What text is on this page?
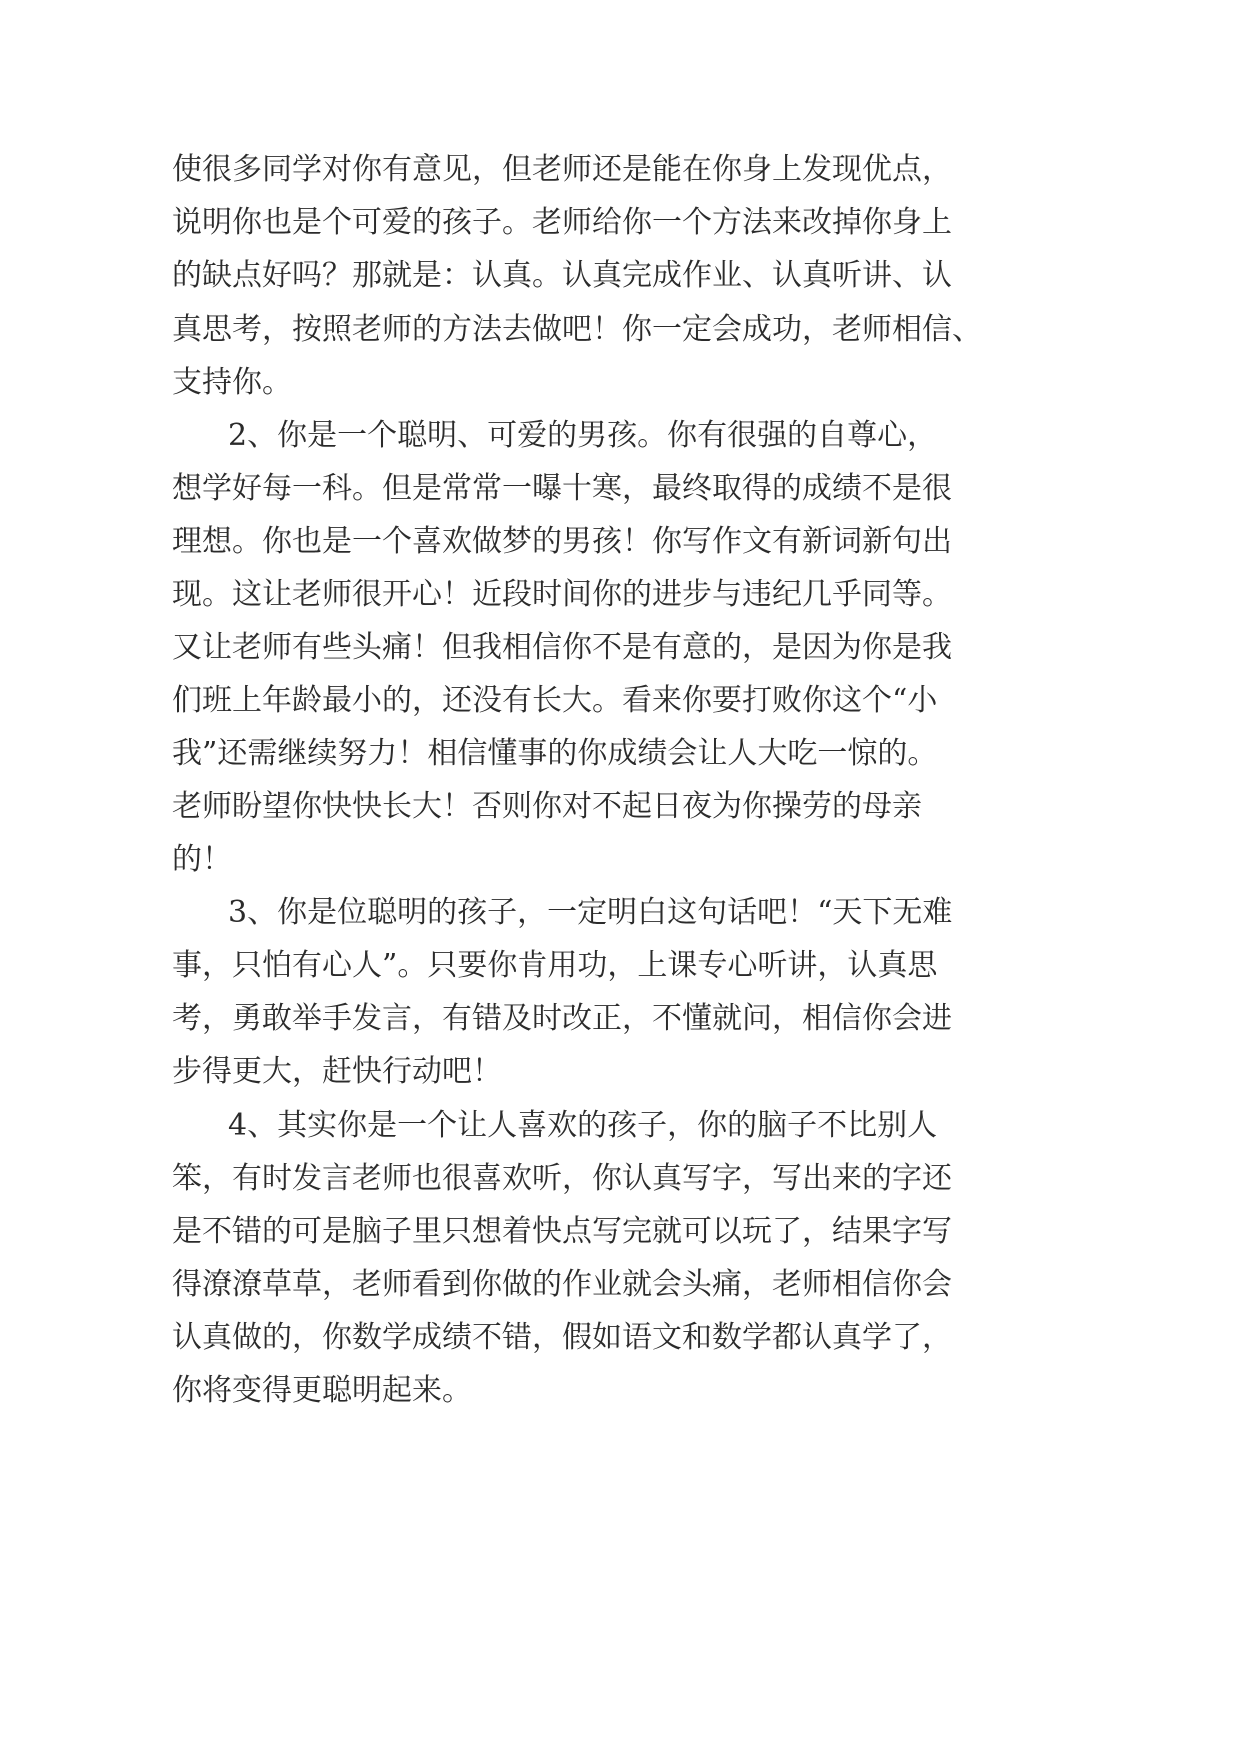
使很多同学对你有意见，但老师还是能在你身上发现优点，

说明你也是个可爱的孩子。老师给你一个方法来改掉你身上

的缺点好吗？那就是：认真。认真完成作业、认真听讲、认

真思考，按照老师的方法去做吧！你一定会成功，老师相信、

支持你。

2、你是一个聪明、可爱的男孩。你有很强的自尊心，

想学好每一科。但是常常一曝十寒，最终取得的成绩不是很

理想。你也是一个喜欢做梦的男孩！你写作文有新词新句出

现。这让老师很开心！近段时间你的进步与违纪几乎同等。

又让老师有些头痛！但我相信你不是有意的，是因为你是我

们班上年龄最小的，还没有长大。看来你要打败你这个“小

我”还需继续努力！相信懂事的你成绩会让人大吃一惊的。

老师盼望你快快长大！否则你对不起日夜为你操劳的母亲

的！

3、你是位聪明的孩子，一定明白这句话吧！“天下无难

事，只怕有心人”。只要你肯用功，上课专心听讲，认真思

考，勇敢举手发言，有错及时改正，不懂就问，相信你会进

步得更大，赶快行动吧！

4、其实你是一个让人喜欢的孩子，你的脑子不比别人

笨，有时发言老师也很喜欢听，你认真写字，写出来的字还

是不错的可是脑子里只想着快点写完就可以玩了，结果字写

得潦潦草草，老师看到你做的作业就会头痛，老师相信你会

认真做的，你数学成绩不错，假如语文和数学都认真学了，

你将变得更聪明起来。
